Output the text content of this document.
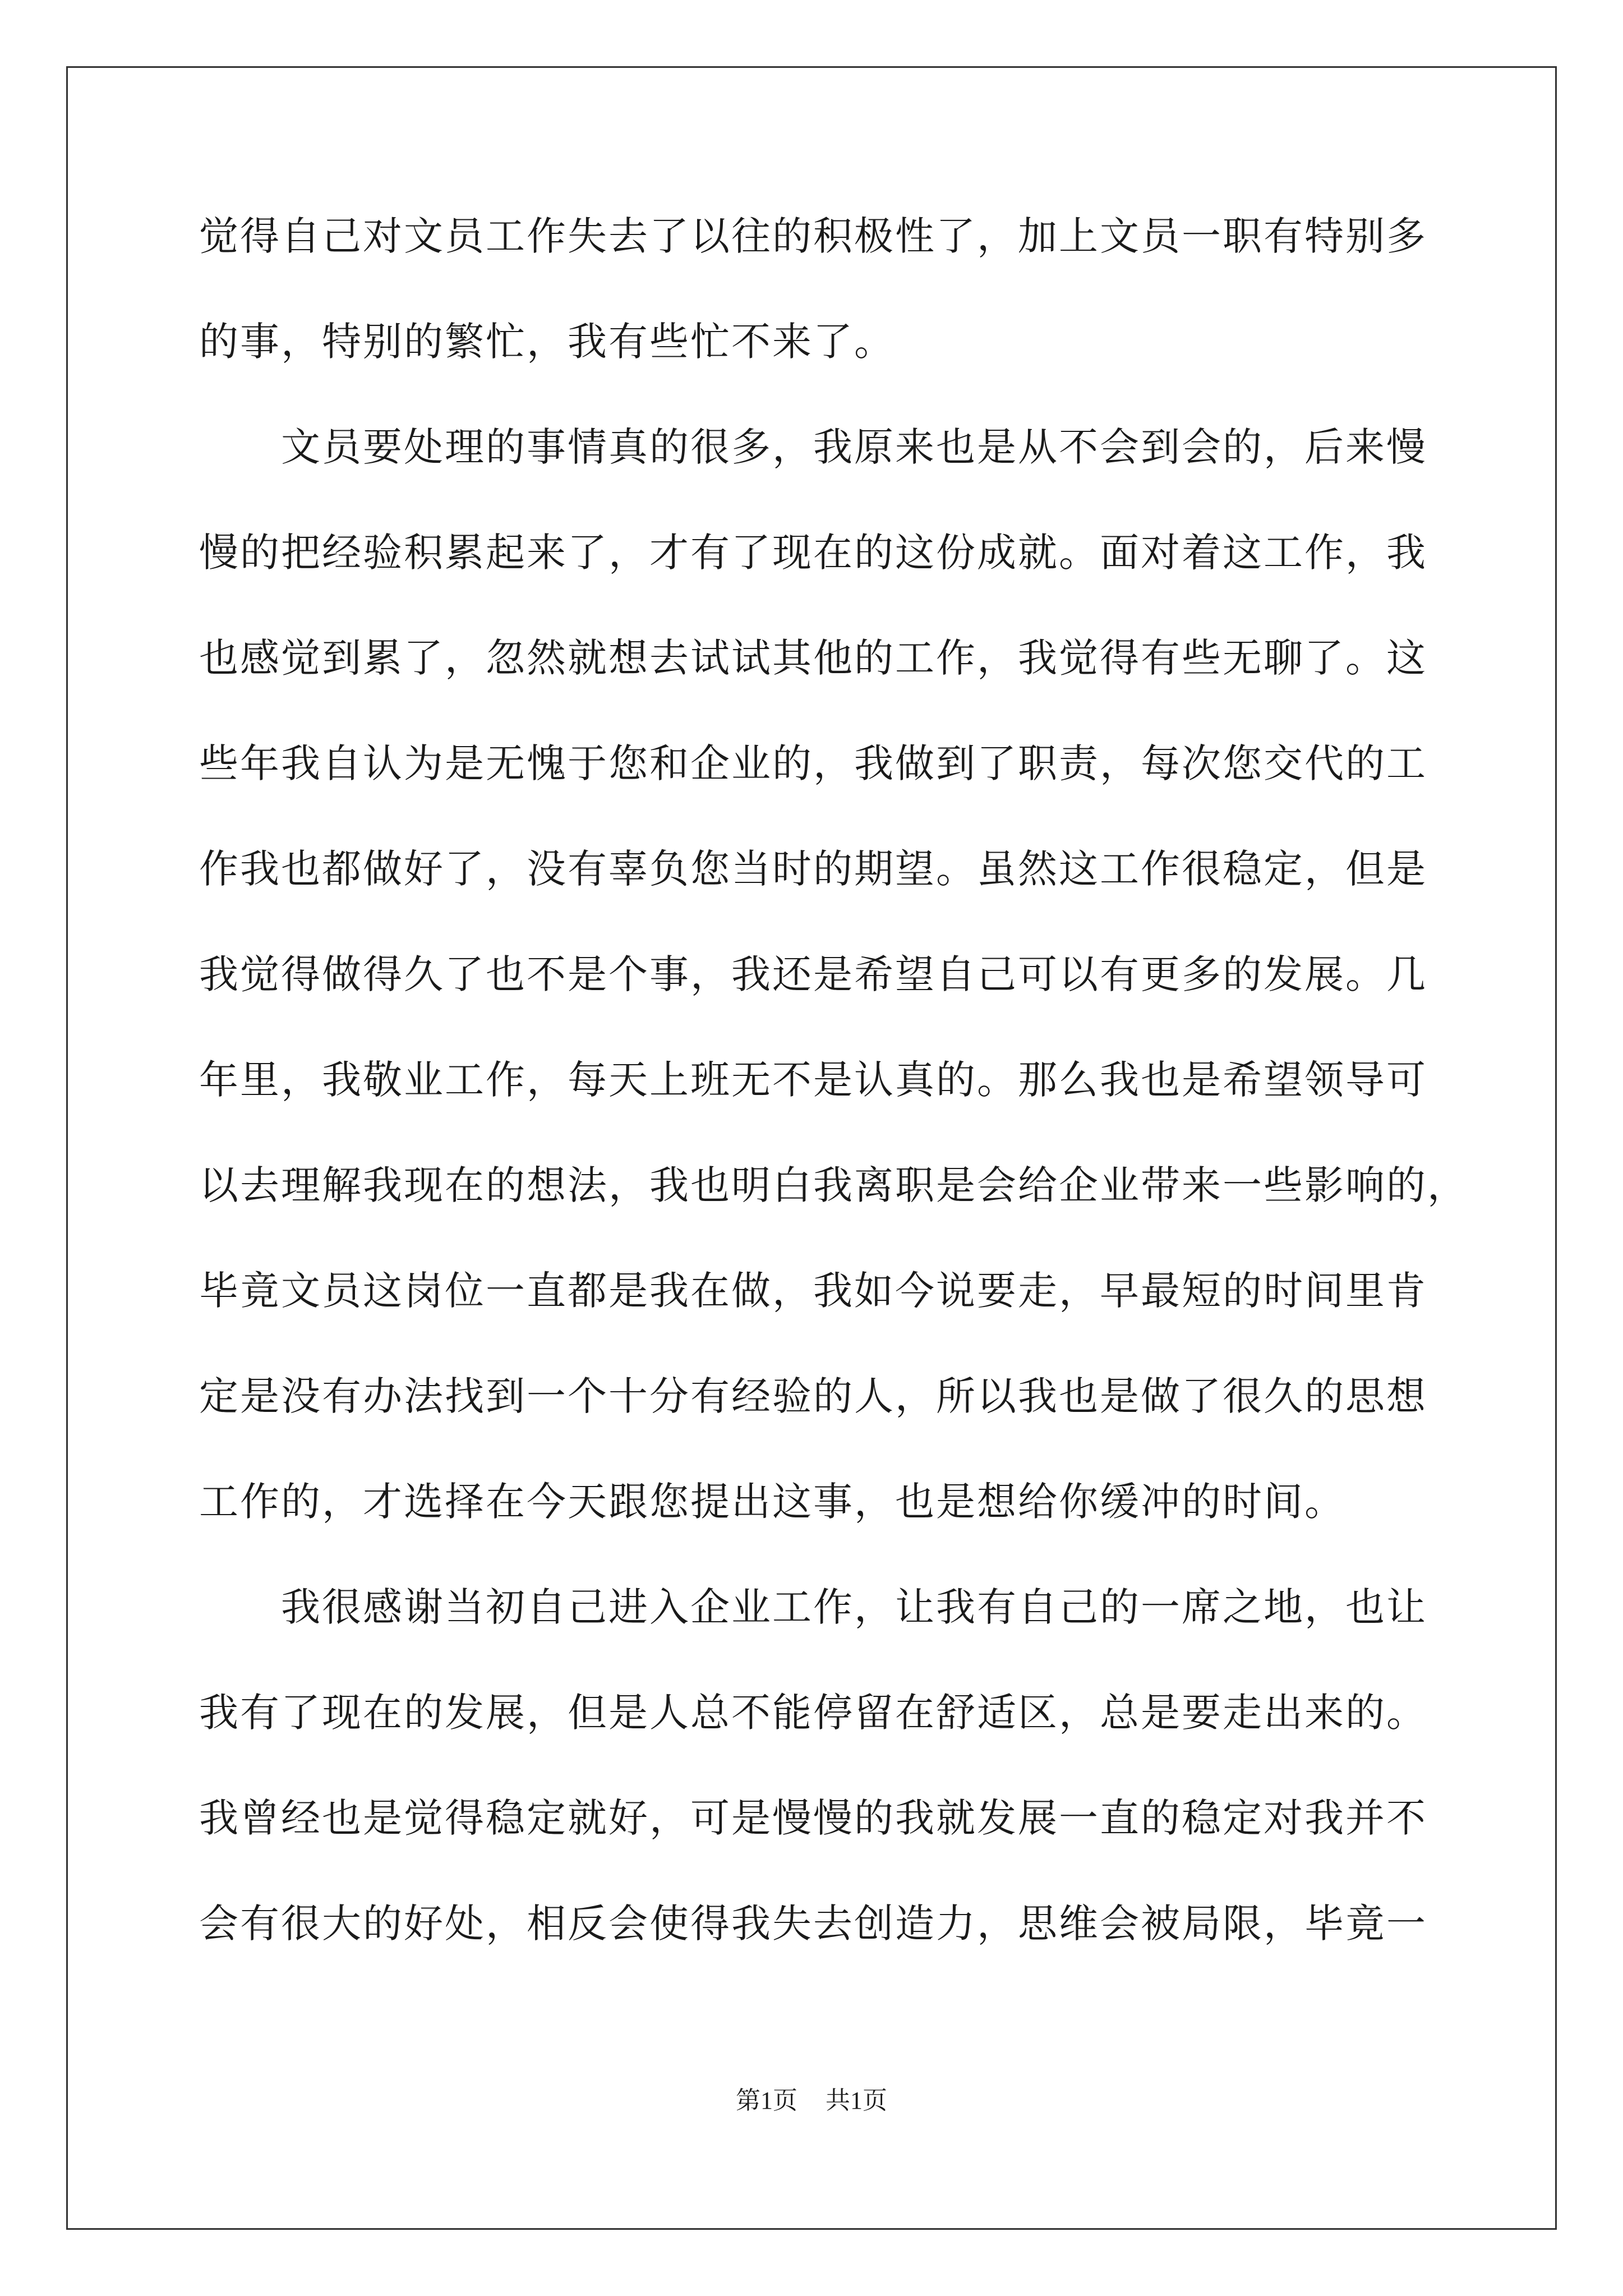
觉得自己对文员工作失去了以往的积极性了，加上文员一职有特别多
的事，特别的繁忙，我有些忙不来了。
　　文员要处理的事情真的很多，我原来也是从不会到会的，后来慢
慢的把经验积累起来了，才有了现在的这份成就。面对着这工作，我
也感觉到累了，忽然就想去试试其他的工作，我觉得有些无聊了。这
些年我自认为是无愧于您和企业的，我做到了职责，每次您交代的工
作我也都做好了，没有辜负您当时的期望。虽然这工作很稳定，但是
我觉得做得久了也不是个事，我还是希望自己可以有更多的发展。几
年里，我敬业工作，每天上班无不是认真的。那么我也是希望领导可
以去理解我现在的想法，我也明白我离职是会给企业带来一些影响的，
毕竟文员这岗位一直都是我在做，我如今说要走，早最短的时间里肯
定是没有办法找到一个十分有经验的人，所以我也是做了很久的思想
工作的，才选择在今天跟您提出这事，也是想给你缓冲的时间。
　　我很感谢当初自己进入企业工作，让我有自己的一席之地，也让
我有了现在的发展，但是人总不能停留在舒适区，总是要走出来的。
我曾经也是觉得稳定就好，可是慢慢的我就发展一直的稳定对我并不
会有很大的好处，相反会使得我失去创造力，思维会被局限，毕竟一
第1页 共1页
